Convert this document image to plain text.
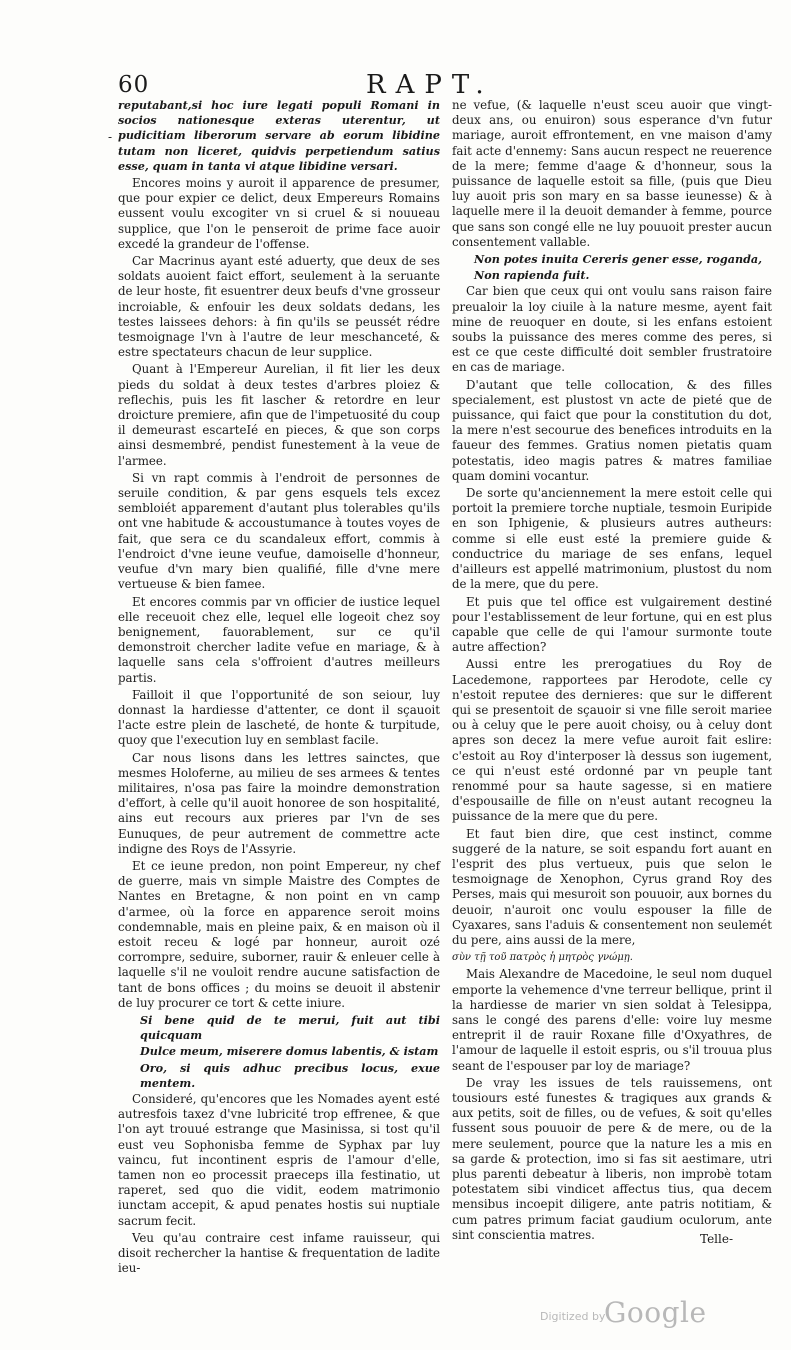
60	RAPT.
-

reputabant,si hoc iure legati populi Romani in socios nationesque exteras uterentur, ut pudicitiam liberorum servare ab eorum libidine tutam non liceret, quidvis perpetiendum satius esse, quam in tanta vi atque libidine versari.

Encores moins y auroit il apparence de presumer, que pour expier ce delict, deux Empereurs Romains eussent voulu excogiter vn si cruel & si nouueau supplice, que l'on le penseroit de prime face auoir excedé la grandeur de l'offense.

Car Macrinus ayant esté aduerty, que deux de ses soldats auoient faict effort, seulement à la seruante de leur hoste, fit esuentrer deux beufs d'vne grosseur incroiable, & enfouir les deux soldats dedans, les testes laissees dehors: à fin qu'ils se peussét rédre tesmoignage l'vn à l'autre de leur meschanceté, & estre spectateurs chacun de leur supplice.

Quant à l'Empereur Aurelian, il fit lier les deux pieds du soldat à deux testes d'arbres ploiez & reflechis, puis les fit lascher & retordre en leur droicture premiere, afin que de l'impetuosité du coup il demeurast escarteIé en pieces, & que son corps ainsi desmembré, pendist funestement à la veue de l'armee.

Si vn rapt commis à l'endroit de personnes de seruile condition, & par gens esquels tels excez sembloiét apparement d'autant plus tolerables qu'ils ont vne habitude & accoustumance à toutes voyes de fait, que sera ce du scandaleux effort, commis à l'endroict d'vne ieune veufue, damoiselle d'honneur, veufue d'vn mary bien qualifié, fille d'vne mere vertueuse & bien famee.

Et encores commis par vn officier de iustice lequel elle receuoit chez elle, lequel elle logeoit chez soy benignement, fauorablement, sur ce qu'il demonstroit chercher ladite vefue en mariage, & à laquelle sans cela s'offroient d'autres meilleurs partis.

Failloit il que l'opportunité de son seiour, luy donnast la hardiesse d'attenter, ce dont il sçauoit l'acte estre plein de lascheté, de honte & turpitude, quoy que l'execution luy en semblast facile.

Car nous lisons dans les lettres sainctes, que mesmes Holoferne, au milieu de ses armees & tentes militaires, n'osa pas faire la moindre demonstration d'effort, à celle qu'il auoit honoree de son hospitalité, ains eut recours aux prieres par l'vn de ses Eunuques, de peur autrement de commettre acte indigne des Roys de l'Assyrie.

Et ce ieune predon, non point Empereur, ny chef de guerre, mais vn simple Maistre des Comptes de Nantes en Bretagne, & non point en vn camp d'armee, où la force en apparence seroit moins condemnable, mais en pleine paix, & en maison où il estoit receu & logé par honneur, auroit ozé corrompre, seduire, suborner, rauir & enleuer celle à laquelle s'il ne vouloit rendre aucune satisfaction de tant de bons offices ; du moins se deuoit il abstenir de luy procurer ce tort & cette iniure.

Si bene quid de te merui, fuit aut tibi quicquam

Dulce meum, miserere domus labentis, & istam

Oro, si quis adhuc precibus locus, exue mentem.

Consideré, qu'encores que les Nomades ayent esté autresfois taxez d'vne lubricité trop effrenee, & que l'on ayt trouué estrange que Masinissa, si tost qu'il eust veu Sophonisba femme de Syphax par luy vaincu, fut incontinent espris de l'amour d'elle, tamen non eo processit praeceps illa festinatio, ut raperet, sed quo die vidit, eodem matrimonio iunctam accepit, & apud penates hostis sui nuptiale sacrum fecit.

Veu qu'au contraire cest infame rauisseur, qui disoit rechercher la hantise & frequentation de ladite ieu-

ne vefue, (& laquelle n'eust sceu auoir que vingt-deux ans, ou enuiron) sous esperance d'vn futur mariage, auroit effrontement, en vne maison d'amy fait acte d'ennemy: Sans aucun respect ne reuerence de la mere; femme d'aage & d'honneur, sous la puissance de laquelle estoit sa fille, (puis que Dieu luy auoit pris son mary en sa basse ieunesse) & à laquelle mere il la deuoit demander à femme, pource que sans son congé elle ne luy pouuoit prester aucun consentement vallable.

Non potes inuita Cereris gener esse, roganda,

Non rapienda fuit.

Car bien que ceux qui ont voulu sans raison faire preualoir la loy ciuile à la nature mesme, ayent fait mine de reuoquer en doute, si les enfans estoient soubs la puissance des meres comme des peres, si est ce que ceste difficulté doit sembler frustratoire en cas de mariage.

D'autant que telle collocation, & des filles specialement, est plustost vn acte de pieté que de puissance, qui faict que pour la constitution du dot, la mere n'est secourue des benefices introduits en la faueur des femmes. Gratius nomen pietatis quam potestatis, ideo magis patres & matres familiae quam domini vocantur.

De sorte qu'anciennement la mere estoit celle qui portoit la premiere torche nuptiale, tesmoin Euripide en son Iphigenie, & plusieurs autres autheurs: comme si elle eust esté la premiere guide & conductrice du mariage de ses enfans, lequel d'ailleurs est appellé matrimonium, plustost du nom de la mere, que du pere.

Et puis que tel office est vulgairement destiné pour l'establissement de leur fortune, qui en est plus capable que celle de qui l'amour surmonte toute autre affection?

Aussi entre les prerogatiues du Roy de Lacedemone, rapportees par Herodote, celle cy n'estoit reputee des dernieres: que sur le different qui se presentoit de sçauoir si vne fille seroit mariee ou à celuy que le pere auoit choisy, ou à celuy dont apres son decez la mere vefue auroit fait eslire: c'estoit au Roy d'interposer là dessus son iugement, ce qui n'eust esté ordonné par vn peuple tant renommé pour sa haute sagesse, si en matiere d'espousaille de fille on n'eust autant recogneu la puissance de la mere que du pere.

Et faut bien dire, que cest instinct, comme suggeré de la nature, se soit espandu fort auant en l'esprit des plus vertueux, puis que selon le tesmoignage de Xenophon, Cyrus grand Roy des Perses, mais qui mesuroit son pouuoir, aux bornes du deuoir, n'auroit onc voulu espouser la fille de Cyaxares, sans l'aduis & consentement non seulemét du pere, ains aussi de la mere,

σὺν τῇ τοῦ πατρὸς ἡ μητρὸς γνώμῃ.

Mais Alexandre de Macedoine, le seul nom duquel emporte la vehemence d'vne terreur bellique, print il la hardiesse de marier vn sien soldat à Telesippa, sans le congé des parens d'elle: voire luy mesme entreprit il de rauir Roxane fille d'Oxyathres, de l'amour de laquelle il estoit espris, ou s'il trouua plus seant de l'espouser par loy de mariage?

De vray les issues de tels rauissemens, ont tousiours esté funestes & tragiques aux grands & aux petits, soit de filles, ou de vefues, & soit qu'elles fussent sous pouuoir de pere & de mere, ou de la mere seulement, pource que la nature les a mis en sa garde & protection, imo si fas sit aestimare, utri plus parenti debeatur à liberis, non improbè totam potestatem sibi vindicet affectus tius, qua decem mensibus incoepit diligere, ante patris notitiam, & cum patres primum faciat gaudium oculorum, ante sint conscientia matres.	Telle-
Digitized by
Google
